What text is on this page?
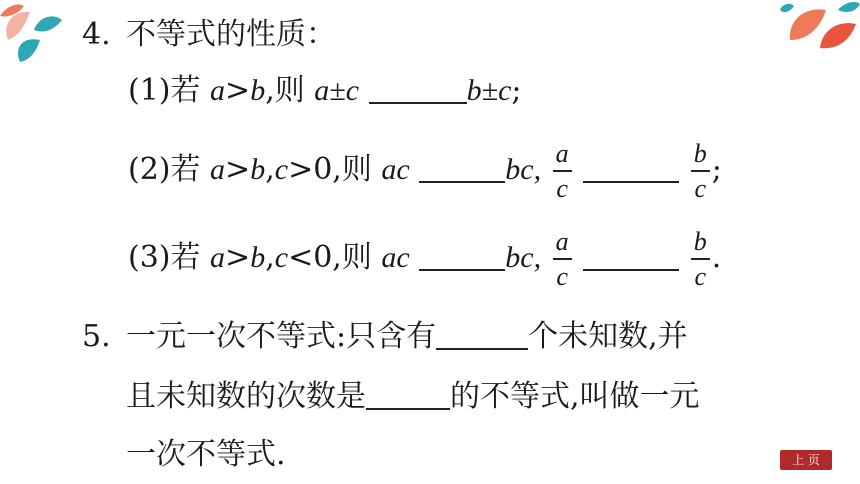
4. 不等式的性质：
(1)若 a>b,则 a±c	b±c;
(2)若 a>b,c>0,则 ac	bc, $\frac{a}{c}$
	$\frac{b}{c}$ ;
(3)若 a>b,c<0,则 ac	bc, $\frac{a}{c}$
	$\frac{b}{c}$ .
5. 一元一次不等式:只含有	个未知数,并
且未知数的次数是	的不等式,叫做一元
一次不等式.	上 页
